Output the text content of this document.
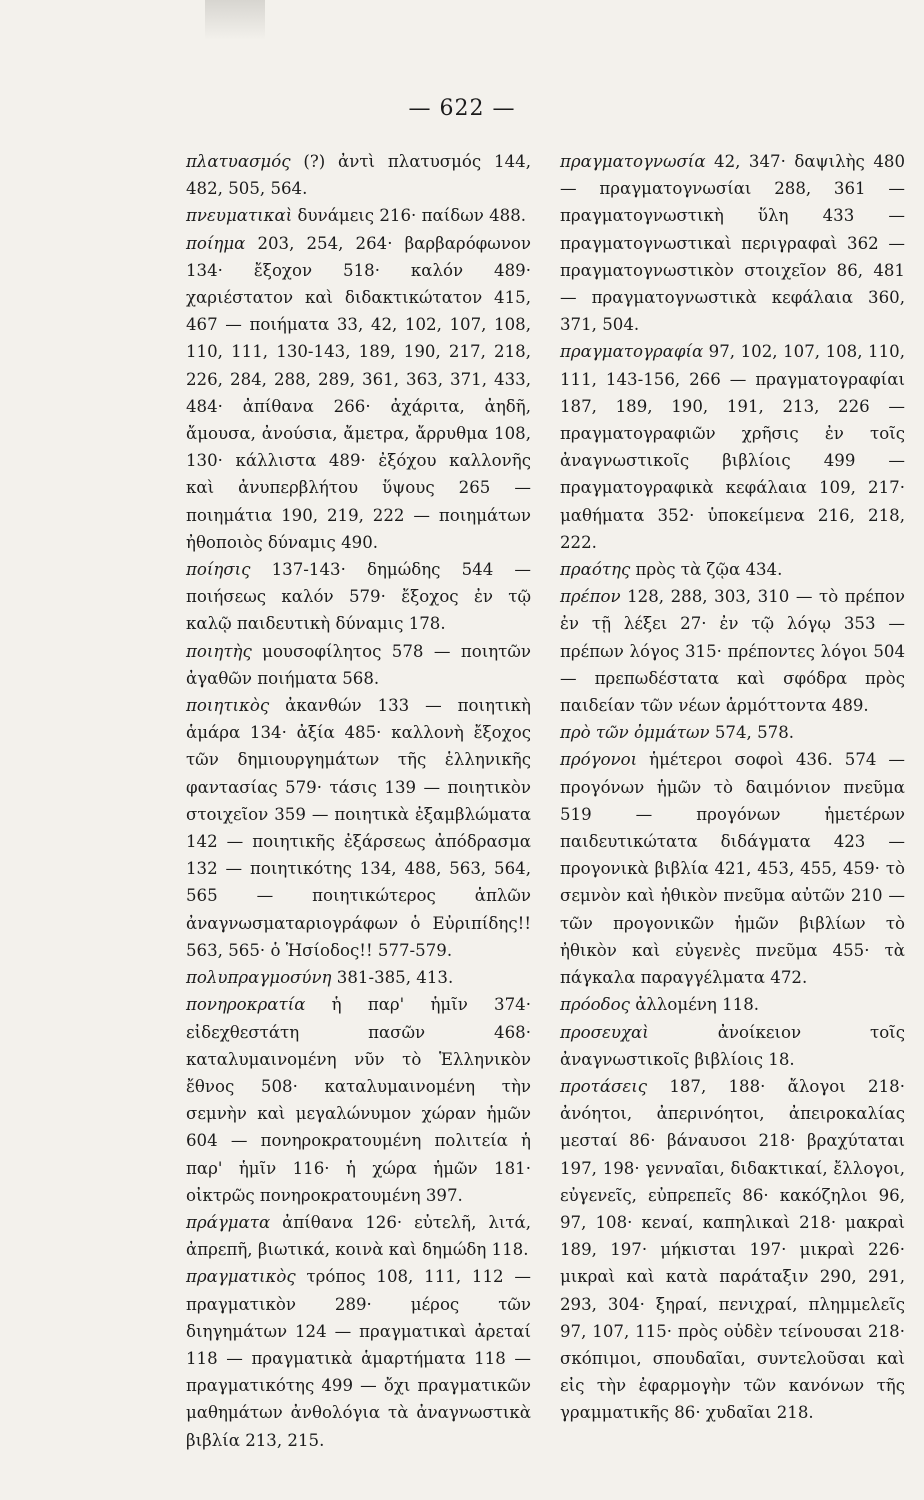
— 622 —

πλατυασμός (?) ἀντὶ πλατυσμός 144, 482, 505, 564.

πνευματικαὶ δυνάμεις 216· παίδων 488.

ποίημα 203, 254, 264· βαρβαρόφωνον 134· ἔξοχον 518· καλόν 489· χαριέστατον καὶ διδακτικώτατον 415, 467 — ποιήματα 33, 42, 102, 107, 108, 110, 111, 130-143, 189, 190, 217, 218, 226, 284, 288, 289, 361, 363, 371, 433, 484· ἀπίθανα 266· ἀχάριτα, ἀηδῆ, ἄμουσα, ἀνούσια, ἄμετρα, ἄρρυθμα 108, 130· κάλλιστα 489· ἐξόχου καλλονῆς καὶ ἀνυπερβλήτου ὕψους 265 — ποιημάτια 190, 219, 222 — ποιημάτων ἠθοποιὸς δύναμις 490.

ποίησις 137-143· δημώδης 544 — ποιήσεως καλόν 579· ἔξοχος ἐν τῷ καλῷ παιδευτικὴ δύναμις 178.

ποιητὴς μουσοφίλητος 578 — ποιητῶν ἀγαθῶν ποιήματα 568.

ποιητικὸς ἀκανθών 133 — ποιητικὴ ἁμάρα 134· ἀξία 485· καλλονὴ ἔξοχος τῶν δημιουργημάτων τῆς ἑλληνικῆς φαντασίας 579· τάσις 139 — ποιητικὸν στοιχεῖον 359 — ποιητικὰ ἐξαμβλώματα 142 — ποιητικῆς ἐξάρσεως ἀπόδρασμα 132 — ποιητικότης 134, 488, 563, 564, 565 — ποιητικώτερος ἁπλῶν ἀναγνωσματαριογράφων ὁ Εὐριπίδης!! 563, 565· ὁ Ἡσίοδος!! 577-579.

πολυπραγμοσύνη 381-385, 413.

πονηροκρατία ἡ παρ' ἡμῖν 374· εἰδεχθεστάτη πασῶν 468· καταλυμαινομένη νῦν τὸ Ἑλληνικὸν ἔθνος 508· καταλυμαινομένη τὴν σεμνὴν καὶ μεγαλώνυμον χώραν ἡμῶν 604 — πονηροκρατουμένη πολιτεία ἡ παρ' ἡμῖν 116· ἡ χώρα ἡμῶν 181· οἰκτρῶς πονηροκρατουμένη 397.

πράγματα ἀπίθανα 126· εὐτελῆ, λιτά, ἀπρεπῆ, βιωτικά, κοινὰ καὶ δημώδη 118.

πραγματικὸς τρόπος 108, 111, 112 — πραγματικὸν 289· μέρος τῶν διηγημάτων 124 — πραγματικαὶ ἀρεταί 118 — πραγματικὰ ἁμαρτήματα 118 — πραγματικότης 499 — ὄχι πραγματικῶν μαθημάτων ἀνθολόγια τὰ ἀναγνωστικὰ βιβλία 213, 215.

πραγματογνωσία 42, 347· δαψιλὴς 480 — πραγματογνωσίαι 288, 361 — πραγματογνωστικὴ ὕλη 433 — πραγματογνωστικαὶ περιγραφαὶ 362 — πραγματογνωστικὸν στοιχεῖον 86, 481 — πραγματογνωστικὰ κεφάλαια 360, 371, 504.

πραγματογραφία 97, 102, 107, 108, 110, 111, 143-156, 266 — πραγματογραφίαι 187, 189, 190, 191, 213, 226 — πραγματογραφιῶν χρῆσις ἐν τοῖς ἀναγνωστικοῖς βιβλίοις 499 — πραγματογραφικὰ κεφάλαια 109, 217· μαθήματα 352· ὑποκείμενα 216, 218, 222.

πραότης πρὸς τὰ ζῷα 434.

πρέπον 128, 288, 303, 310 — τὸ πρέπον ἐν τῇ λέξει 27· ἐν τῷ λόγῳ 353 — πρέπων λόγος 315· πρέποντες λόγοι 504 — πρεπωδέστατα καὶ σφόδρα πρὸς παιδείαν τῶν νέων ἁρμόττοντα 489.

πρὸ τῶν ὀμμάτων 574, 578.

πρόγονοι ἡμέτεροι σοφοὶ 436. 574 — προγόνων ἡμῶν τὸ δαιμόνιον πνεῦμα 519 — προγόνων ἡμετέρων παιδευτικώτατα διδάγματα 423 — προγονικὰ βιβλία 421, 453, 455, 459· τὸ σεμνὸν καὶ ἠθικὸν πνεῦμα αὐτῶν 210 — τῶν προγονικῶν ἡμῶν βιβλίων τὸ ἠθικὸν καὶ εὐγενὲς πνεῦμα 455· τὰ πάγκαλα παραγγέλματα 472.

πρόοδος ἀλλομένη 118.

προσευχαὶ ἀνοίκειον τοῖς ἀναγνωστικοῖς βιβλίοις 18.

προτάσεις 187, 188· ἄλογοι 218· ἀνόητοι, ἀπερινόητοι, ἀπειροκαλίας μεσταί 86· βάναυσοι 218· βραχύταται 197, 198· γενναῖαι, διδακτικαί, ἔλλογοι, εὐγενεῖς, εὐπρεπεῖς 86· κακόζηλοι 96, 97, 108· κεναί, καπηλικαὶ 218· μακραὶ 189, 197· μήκισται 197· μικραὶ 226· μικραὶ καὶ κατὰ παράταξιν 290, 291, 293, 304· ξηραί, πενιχραί, πλημμελεῖς 97, 107, 115· πρὸς οὐδὲν τείνουσαι 218· σκόπιμοι, σπουδαῖαι, συντελοῦσαι καὶ εἰς τὴν ἐφαρμογὴν τῶν κανόνων τῆς γραμματικῆς 86· χυδαῖαι 218.
